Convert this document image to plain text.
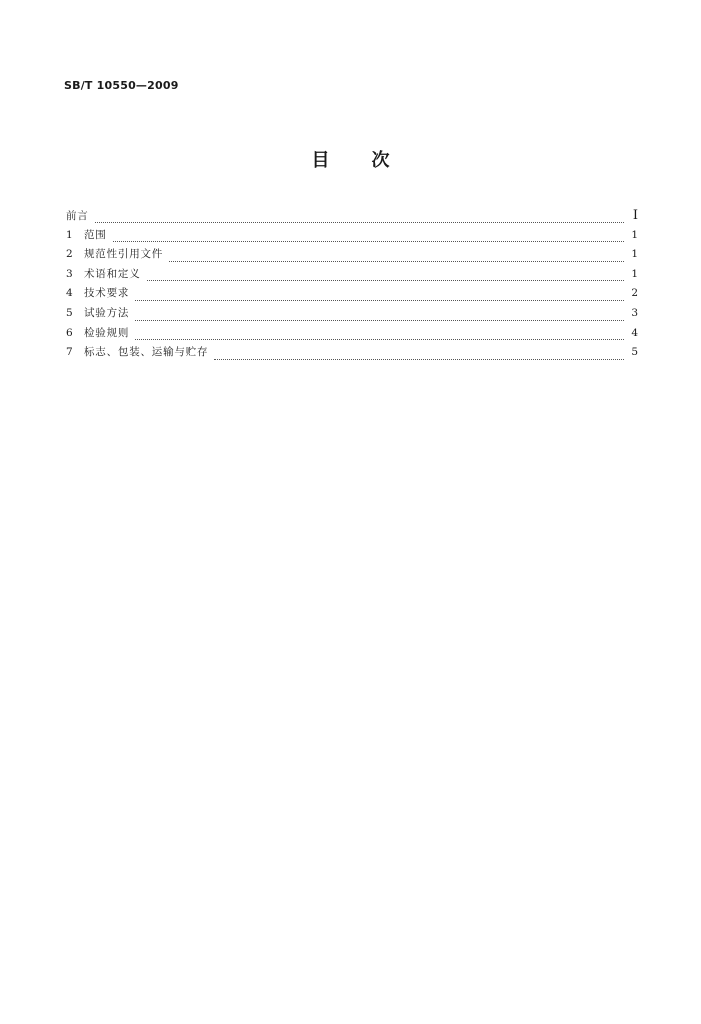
SB/T 10550—2009
目次
前言	I
1	范围	1
2	规范性引用文件	1
3	术语和定义	1
4	技术要求	2
5	试验方法	3
6	检验规则	4
7	标志、包装、运输与贮存	5
